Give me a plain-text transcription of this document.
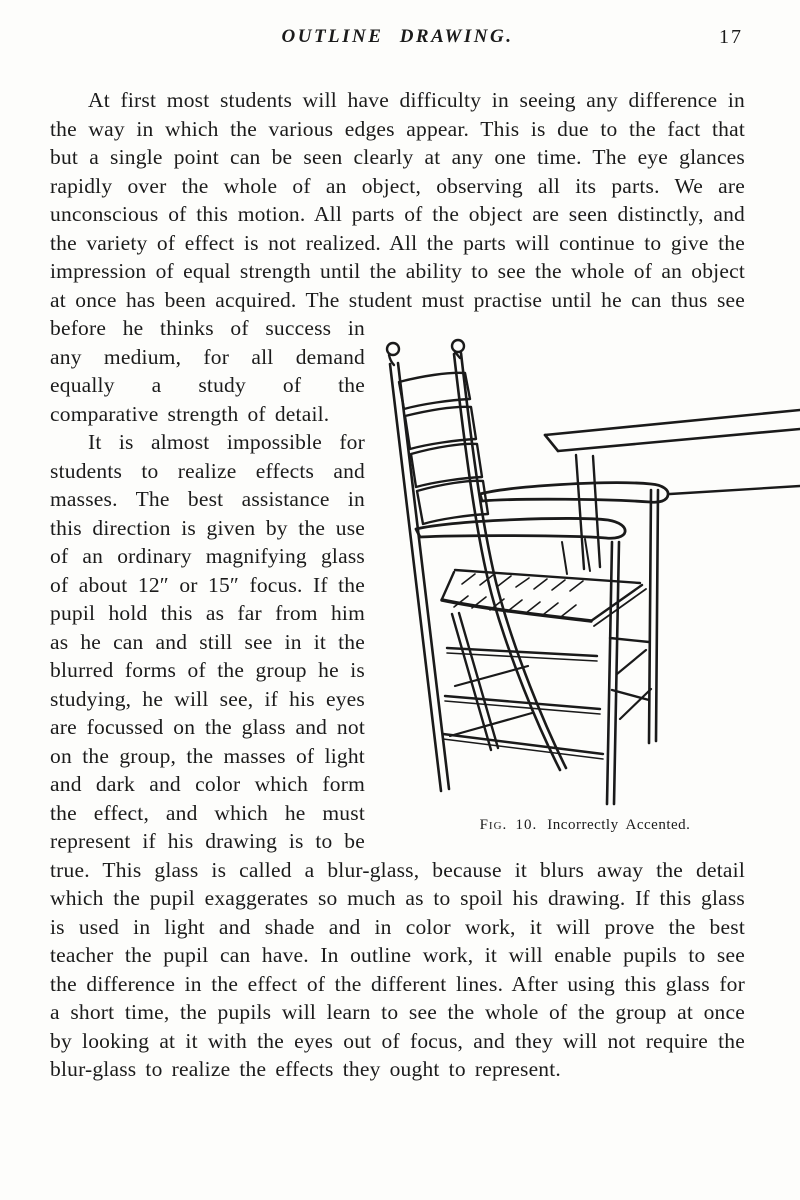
OUTLINE DRAWING.	17

At first most students will have difficulty in seeing any difference in the way in which the various edges appear. This is due to the fact that but a single point can be seen clearly at any one time. The eye glances rapidly over the whole of an object, observing all its parts. We are unconscious of this motion. All parts of the object are seen distinctly, and the variety of effect is not realized. All the parts will continue to give the impression of equal strength until the ability to see the whole of an object at once has been acquired. The student must practise until he can thus see before
Fig. 10. Incorrectly Accented.
he thinks of success in any medium, for all demand equally a study of the comparative strength of detail.

It is almost impossible for students to realize effects and masses. The best assistance in this direction is given by the use of an ordinary magnifying glass of about 12″ or 15″ focus. If the pupil hold this as far from him as he can and still see in it the blurred forms of the group he is studying, he will see, if his eyes are focussed on the glass and not on the group, the masses of light and dark and color which form the effect, and which he must represent if his drawing is to be true. This glass is called a blur-glass, because it blurs away the detail which the pupil exaggerates so much as to spoil his drawing. If this glass is used in light and shade and in color work, it will prove the best teacher the pupil can have. In outline work, it will enable pupils to see the difference in the effect of the different lines. After using this glass for a short time, the pupils will learn to see the whole of the group at once by looking at it with the eyes out of focus, and they will not require the blur-glass to realize the effects they ought to represent.
